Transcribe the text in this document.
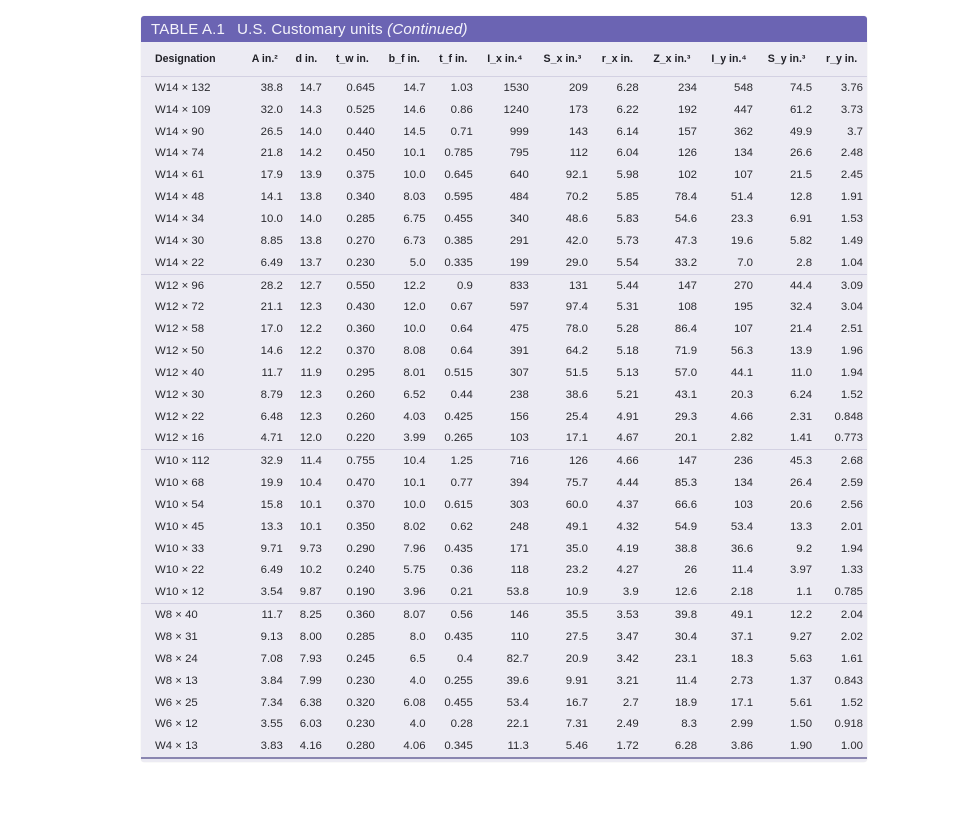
TABLE A.1 U.S. Customary units (Continued)
Designation	A in.²	d in.	t_w in.	b_f in.	t_f in.	I_x in.⁴	S_x in.³	r_x in.	Z_x in.³	I_y in.⁴	S_y in.³	r_y in.
W14 × 132	38.8	14.7	0.645	14.7	1.03	1530	209	6.28	234	548	74.5	3.76
W14 × 109	32.0	14.3	0.525	14.6	0.86	1240	173	6.22	192	447	61.2	3.73
W14 × 90	26.5	14.0	0.440	14.5	0.71	999	143	6.14	157	362	49.9	3.7
W14 × 74	21.8	14.2	0.450	10.1	0.785	795	112	6.04	126	134	26.6	2.48
W14 × 61	17.9	13.9	0.375	10.0	0.645	640	92.1	5.98	102	107	21.5	2.45
W14 × 48	14.1	13.8	0.340	8.03	0.595	484	70.2	5.85	78.4	51.4	12.8	1.91
W14 × 34	10.0	14.0	0.285	6.75	0.455	340	48.6	5.83	54.6	23.3	6.91	1.53
W14 × 30	8.85	13.8	0.270	6.73	0.385	291	42.0	5.73	47.3	19.6	5.82	1.49
W14 × 22	6.49	13.7	0.230	5.0	0.335	199	29.0	5.54	33.2	7.0	2.8	1.04
W12 × 96	28.2	12.7	0.550	12.2	0.9	833	131	5.44	147	270	44.4	3.09
W12 × 72	21.1	12.3	0.430	12.0	0.67	597	97.4	5.31	108	195	32.4	3.04
W12 × 58	17.0	12.2	0.360	10.0	0.64	475	78.0	5.28	86.4	107	21.4	2.51
W12 × 50	14.6	12.2	0.370	8.08	0.64	391	64.2	5.18	71.9	56.3	13.9	1.96
W12 × 40	11.7	11.9	0.295	8.01	0.515	307	51.5	5.13	57.0	44.1	11.0	1.94
W12 × 30	8.79	12.3	0.260	6.52	0.44	238	38.6	5.21	43.1	20.3	6.24	1.52
W12 × 22	6.48	12.3	0.260	4.03	0.425	156	25.4	4.91	29.3	4.66	2.31	0.848
W12 × 16	4.71	12.0	0.220	3.99	0.265	103	17.1	4.67	20.1	2.82	1.41	0.773
W10 × 112	32.9	11.4	0.755	10.4	1.25	716	126	4.66	147	236	45.3	2.68
W10 × 68	19.9	10.4	0.470	10.1	0.77	394	75.7	4.44	85.3	134	26.4	2.59
W10 × 54	15.8	10.1	0.370	10.0	0.615	303	60.0	4.37	66.6	103	20.6	2.56
W10 × 45	13.3	10.1	0.350	8.02	0.62	248	49.1	4.32	54.9	53.4	13.3	2.01
W10 × 33	9.71	9.73	0.290	7.96	0.435	171	35.0	4.19	38.8	36.6	9.2	1.94
W10 × 22	6.49	10.2	0.240	5.75	0.36	118	23.2	4.27	26	11.4	3.97	1.33
W10 × 12	3.54	9.87	0.190	3.96	0.21	53.8	10.9	3.9	12.6	2.18	1.1	0.785
W8 × 40	11.7	8.25	0.360	8.07	0.56	146	35.5	3.53	39.8	49.1	12.2	2.04
W8 × 31	9.13	8.00	0.285	8.0	0.435	110	27.5	3.47	30.4	37.1	9.27	2.02
W8 × 24	7.08	7.93	0.245	6.5	0.4	82.7	20.9	3.42	23.1	18.3	5.63	1.61
W8 × 13	3.84	7.99	0.230	4.0	0.255	39.6	9.91	3.21	11.4	2.73	1.37	0.843
W6 × 25	7.34	6.38	0.320	6.08	0.455	53.4	16.7	2.7	18.9	17.1	5.61	1.52
W6 × 12	3.55	6.03	0.230	4.0	0.28	22.1	7.31	2.49	8.3	2.99	1.50	0.918
W4 × 13	3.83	4.16	0.280	4.06	0.345	11.3	5.46	1.72	6.28	3.86	1.90	1.00
